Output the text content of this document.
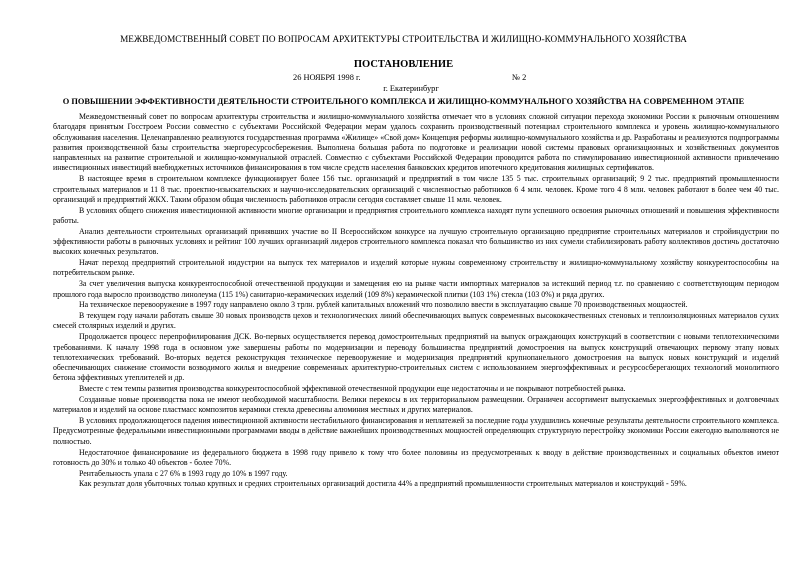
МЕЖВЕДОМСТВЕННЫЙ СОВЕТ ПО ВОПРОСАМ АРХИТЕКТУРЫ СТРОИТЕЛЬСТВА И ЖИЛИЩНО-КОММУНАЛЬНОГО ХОЗЯЙСТВА
ПОСТАНОВЛЕНИЕ
26 НОЯБРЯ 1998 г.	№ 2
г. Екатеринбург
О ПОВЫШЕНИИ ЭФФЕКТИВНОСТИ ДЕЯТЕЛЬНОСТИ СТРОИТЕЛЬНОГО КОМПЛЕКСА И ЖИЛИЩНО-КОММУНАЛЬНОГО ХОЗЯЙСТВА НА СОВРЕМЕННОМ ЭТАПЕ

Межведомственный совет по вопросам архитектуры строительства и жилищно-коммунального хозяйства отмечает что в условиях сложной ситуации перехода экономики России к рыночным отношениям благодаря принятым Госстроем России совместно с субъектами Российской Федерации мерам удалось сохранить производственный потенциал строительного комплекса и уровень жилищно-коммунального обслуживания населения. Целенаправленно реализуются государственная программа «Жилище» «Свой дом» Концепция реформы жилищно-коммунального хозяйства и др. Разработаны и реализуются подпрограммы развития производственной базы строительства энергоресурсосбережения. Выполнена большая работа по подготовке и реализации новой системы правовых организационных и хозяйственных документов направленных на развитие строительной и жилищно-коммунальной отраслей. Совместно с субъектами Российской Федерации проводится работа по стимулированию инвестиционной активности привлечению инвестиционных инвестиций внебюджетных источников финансирования в том числе средств населения банковских кредитов ипотечного кредитования жилищных сертификатов.

В настоящее время в строительном комплексе функционирует более 156 тыс. организаций и предприятий в том числе 135 5 тыс. строительных организаций; 9 2 тыс. предприятий промышленности строительных материалов и 11 8 тыс. проектно-изыскательских и научно-исследовательских организаций с численностью работников 6 4 млн. человек. Кроме того 4 8 млн. человек работают в более чем 40 тыс. организаций и предприятий ЖКХ. Таким образом общая численность работников отрасли сегодня составляет свыше 11 млн. человек.

В условиях общего снижения инвестиционной активности многие организации и предприятия строительного комплекса находят пути успешного освоения рыночных отношений и повышения эффективности работы.

Анализ деятельности строительных организаций принявших участие во II Всероссийском конкурсе на лучшую строительную организацию предприятие строительных материалов и стройиндустрии по эффективности работы в рыночных условиях и рейтинг 100 лучших организаций лидеров строительного комплекса показал что большинство из них сумели стабилизировать работу коллективов достичь достаточно высоких конечных результатов.

Начат переход предприятий строительной индустрии на выпуск тех материалов и изделий которые нужны современному строительству и жилищно-коммунальному хозяйству конкурентоспособны на потребительском рынке.

За счет увеличения выпуска конкурентоспособной отечественной продукции и замещения ею на рынке части импортных материалов за истекший период т.г. по сравнению с соответствующим периодом прошлого года выросло производство линолеума (115 1%) санитарно-керамических изделий (109 8%) керамической плитки (103 1%) стекла (103 0%) и ряда других.

На техническое перевооружение в 1997 году направлено около 3 трлн. рублей капитальных вложений что позволило ввести в эксплуатацию свыше 70 производственных мощностей.

В текущем году начали работать свыше 30 новых производств цехов и технологических линий обеспечивающих выпуск современных высококачественных стеновых и теплоизоляционных материалов сухих смесей столярных изделий и других.

Продолжается процесс перепрофилирования ДСК. Во-первых осуществляется перевод домостроительных предприятий на выпуск ограждающих конструкций в соответствии с новыми теплотехническими требованиями. К началу 1998 года в основном уже завершены работы по модернизации и переводу большинства предприятий домостроения на выпуск конструкций отвечающих первому этапу новых теплотехнических требований. Во-вторых ведется реконструкция техническое перевооружение и модернизация предприятий крупнопанельного домостроения на выпуск новых конструкций и изделий обеспечивающих снижение стоимости возводимого жилья и внедрение современных архитектурно-строительных систем с использованием энергоэффективных и ресурсосберегающих технологий монолитного бетона эффективных утеплителей и др.

Вместе с тем темпы развития производства конкурентоспособной эффективной отечественной продукции еще недостаточны и не покрывают потребностей рынка.

Созданные новые производства пока не имеют необходимой масштабности. Велики перекосы в их территориальном размещении. Ограничен ассортимент выпускаемых энергоэффективных и долговечных материалов и изделий на основе пластмасс композитов керамики стекла древесины алюминия местных и других материалов.

В условиях продолжающегося падения инвестиционной активности нестабильного финансирования и неплатежей за последние годы ухудшились конечные результаты деятельности строительного комплекса. Предусмотренные федеральными инвестиционными программами вводы в действие важнейших производственных мощностей определяющих структурную перестройку экономики России ежегодно выполняются не полностью.

Недостаточное финансирование из федерального бюджета в 1998 году привело к тому что более половины из предусмотренных к вводу в действие производственных и социальных объектов имеют готовность до 30% и только 40 объектов - более 70%.

Рентабельность упала с 27 6% в 1993 году до 10% в 1997 году.

Как результат доля убыточных только крупных и средних строительных организаций достигла 44% а предприятий промышленности строительных материалов и конструкций - 59%.
